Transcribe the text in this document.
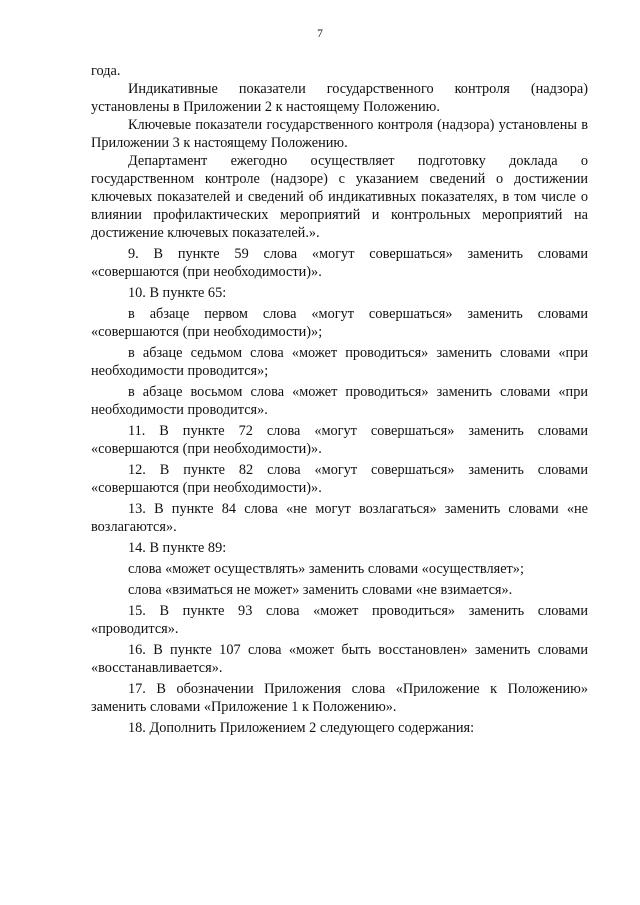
7

года.

Индикативные показатели государственного контроля (надзора) установлены в Приложении 2 к настоящему Положению.

Ключевые показатели государственного контроля (надзора) установлены в Приложении 3 к настоящему Положению.

Департамент ежегодно осуществляет подготовку доклада о государственном контроле (надзоре) с указанием сведений о достижении ключевых показателей и сведений об индикативных показателях, в том числе о влиянии профилактических мероприятий и контрольных мероприятий на достижение ключевых показателей.».

9. В пункте 59 слова «могут совершаться» заменить словами «совершаются (при необходимости)».

10. В пункте 65:

в абзаце первом слова «могут совершаться» заменить словами «совершаются (при необходимости)»;

в абзаце седьмом слова «может проводиться» заменить словами «при необходимости проводится»;

в абзаце восьмом слова «может проводиться» заменить словами «при необходимости проводится».

11. В пункте 72 слова «могут совершаться» заменить словами «совершаются (при необходимости)».

12. В пункте 82 слова «могут совершаться» заменить словами «совершаются (при необходимости)».

13. В пункте 84 слова «не могут возлагаться» заменить словами «не возлагаются».

14. В пункте 89:

слова «может осуществлять» заменить словами «осуществляет»;

слова «взиматься не может» заменить словами «не взимается».

15. В пункте 93 слова «может проводиться» заменить словами «проводится».

16. В пункте 107 слова «может быть восстановлен» заменить словами «восстанавливается».

17. В обозначении Приложения слова «Приложение к Положению» заменить словами «Приложение 1 к Положению».

18. Дополнить Приложением 2 следующего содержания:
